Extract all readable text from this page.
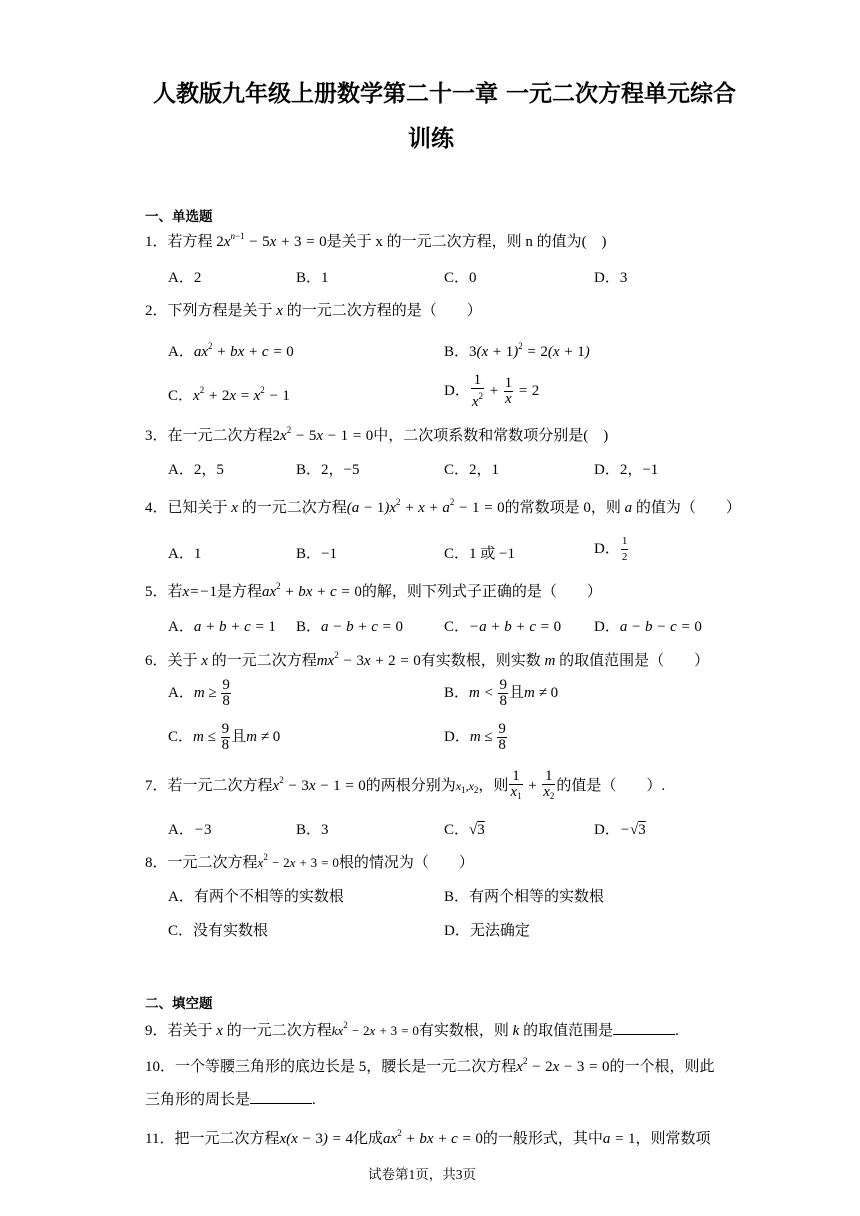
人教版九年级上册数学第二十一章 一元二次方程单元综合
训练
一、单选题
1．若方程 $2x^{n-1} - 5x + 3 = 0$是关于 x 的一元二次方程，则 n 的值为(　)
A．2	B．1	C．0	D．3
2．下列方程是关于 x 的一元二次方程的是（　　）
A．$ax^2$ + bx + c = 0	B．$3(x + 1)^2 = 2(x + 1)$
C．$x^2 + 2x = x^2 - 1$	D． $\frac{1}{x^2} + \frac{1}{x} = 2$
3．在一元二次方程$2x^2 - 5x - 1 = 0$中，二次项系数和常数项分别是(　)
A．2，5	B．2，−5	C．2，1	D．2，−1
4．已知关于 x 的一元二次方程$(a - 1)x^2 + x + a^2 - 1 = 0$的常数项是 0，则 a 的值为（　　）
A．1	B．−1	C．1 或 −1	D． $\frac{1}{2}$
5．若x=−1是方程$ax^2$ + bx + c = 0的解，则下列式子正确的是（　　）
A．a + b + c = 1 B．a − b + c = 0	C．−a + b + c = 0 D．a − b − c = 0
6．关于 x 的一元二次方程$mx^2 - 3x + 2 = 0$有实数根，则实数 m 的取值范围是（　　）
A．$m \ge \frac{9}{8}$	B．$m < \frac{9}{8}$ 且m ≠ 0
C．$m \le \frac{9}{8}$ 且m ≠ 0	D．$m \le \frac{9}{8}$
7．若一元二次方程$x^2 - 3x - 1 = 0$的两根分别为$x_1,x_2$，则 $\frac{1}{x_1} + \frac{1}{x_2}$ 的值是（　　）.
A．−3	B．3	C．√3	D．−√3
8．一元二次方程$x^2 - 2x + 3 = 0$根的情况为（　　）
A．有两个不相等的实数根	B．有两个相等的实数根
C．没有实数根	D．无法确定
二、填空题
9．若关于 x 的一元二次方程$kx^2 - 2x + 3 = 0$有实数根，则 k 的取值范围是	.
10．一个等腰三角形的底边长是 5，腰长是一元二次方程$x^2 - 2x - 3 = 0$的一个根，则此
三角形的周长是	.
11．把一元二次方程x(x − 3) = 4化成$ax^2$ + bx + c = 0的一般形式，其中a = 1，则常数项
试卷第1页，共3页
